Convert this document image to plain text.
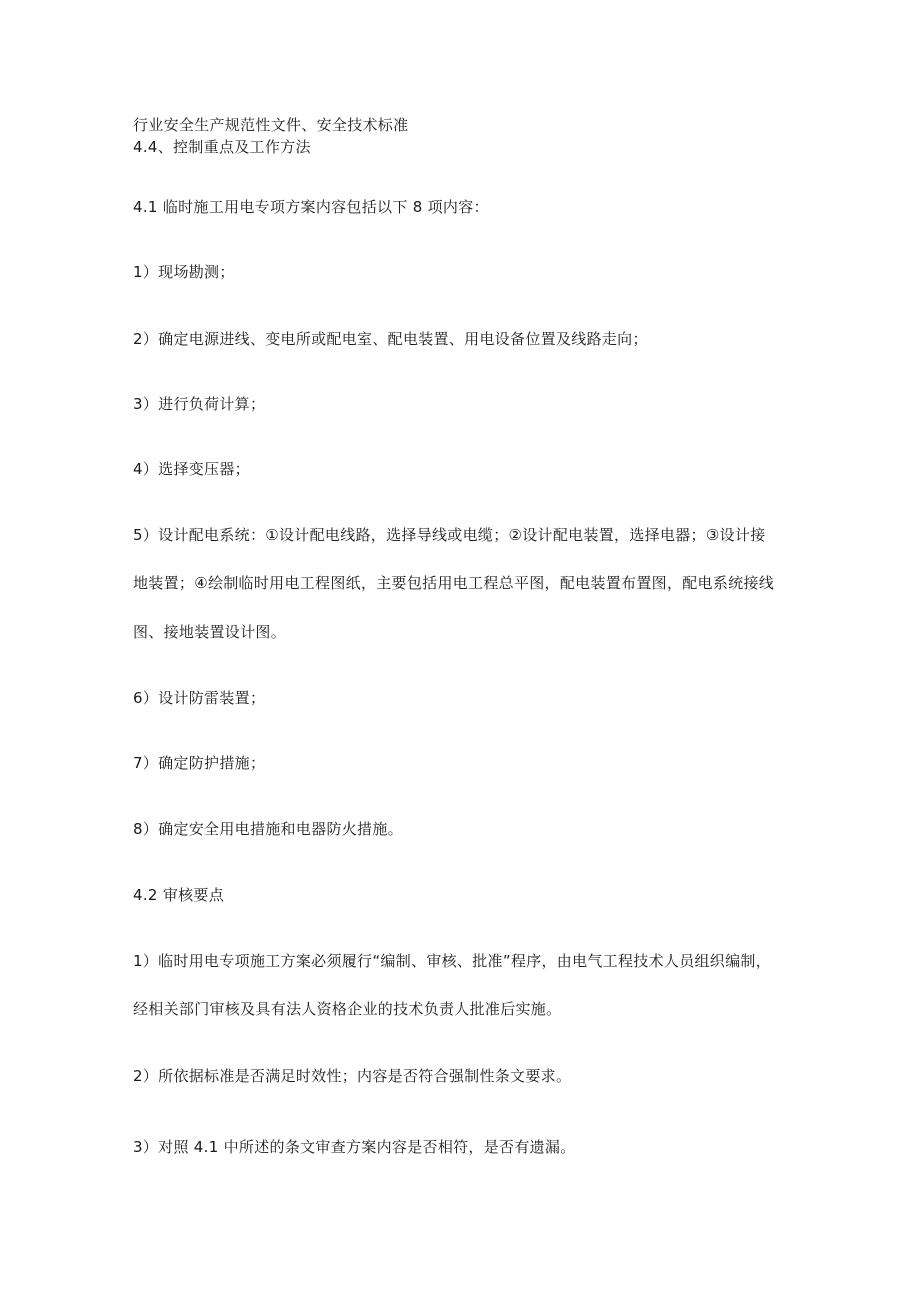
行业安全生产规范性文件、安全技术标准
4.4、控制重点及工作方法
4.1 临时施工用电专项方案内容包括以下 8 项内容：
1）现场勘测；
2）确定电源进线、变电所或配电室、配电装置、用电设备位置及线路走向；
3）进行负荷计算；
4）选择变压器；
5）设计配电系统：①设计配电线路，选择导线或电缆；②设计配电装置，选择电器；③设计接
地装置；④绘制临时用电工程图纸，主要包括用电工程总平图，配电装置布置图，配电系统接线
图、接地装置设计图。
6）设计防雷装置；
7）确定防护措施；
8）确定安全用电措施和电器防火措施。
4.2 审核要点
1）临时用电专项施工方案必须履行“编制、审核、批准”程序，由电气工程技术人员组织编制，
经相关部门审核及具有法人资格企业的技术负责人批准后实施。
2）所依据标准是否满足时效性；内容是否符合强制性条文要求。
3）对照 4.1 中所述的条文审查方案内容是否相符，是否有遗漏。
